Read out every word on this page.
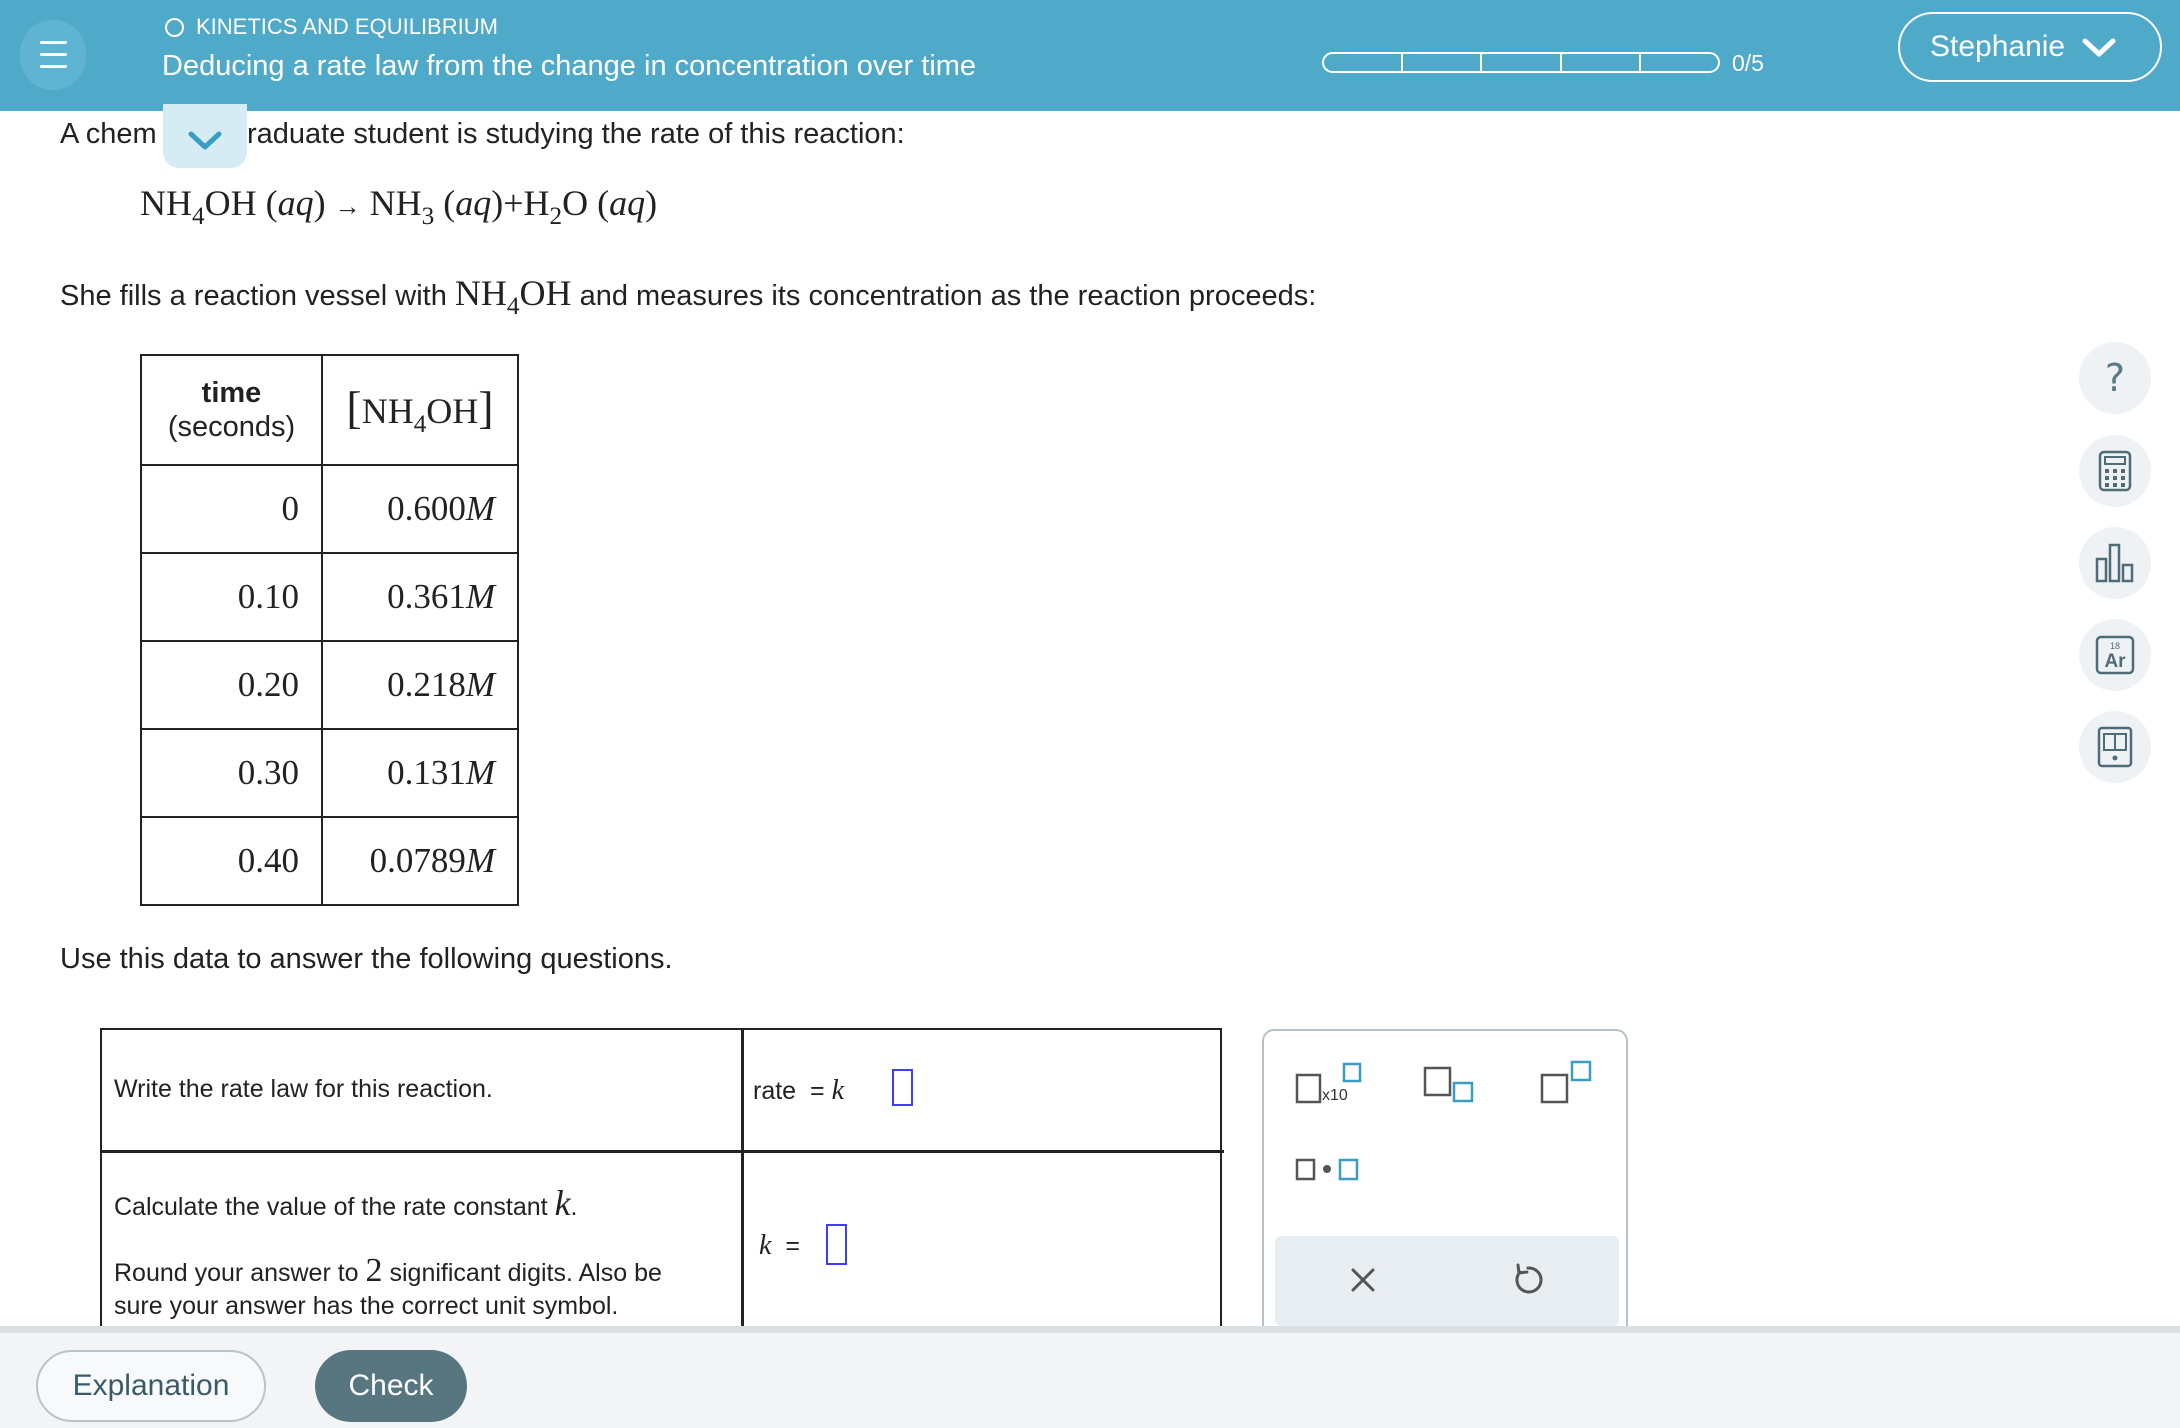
KINETICS AND EQUILIBRIUM
Deducing a rate law from the change in concentration over time	0/5	Stephanie
A chem	raduate student is studying the rate of this reaction:
$NH_4OH$ $(aq) \to NH_3$ $(aq)+H_2O$ (aq)
She fills a reaction vessel with $NH_4OH$ and measures its concentration as the reaction proceeds:
time
(seconds)	$[NH_4OH]$
0	0.600M
0.10	0.361M
0.20	0.218M
0.30	0.131M
0.40	0.0789M
Use this data to answer the following questions.
Write the rate law for this reaction.	rate = k
Calculate the value of the rate constant k.
Round your answer to 2 significant digits. Also be
sure your answer has the correct unit symbol.
k =
x10
?
18
Ar
Explanation	Check
